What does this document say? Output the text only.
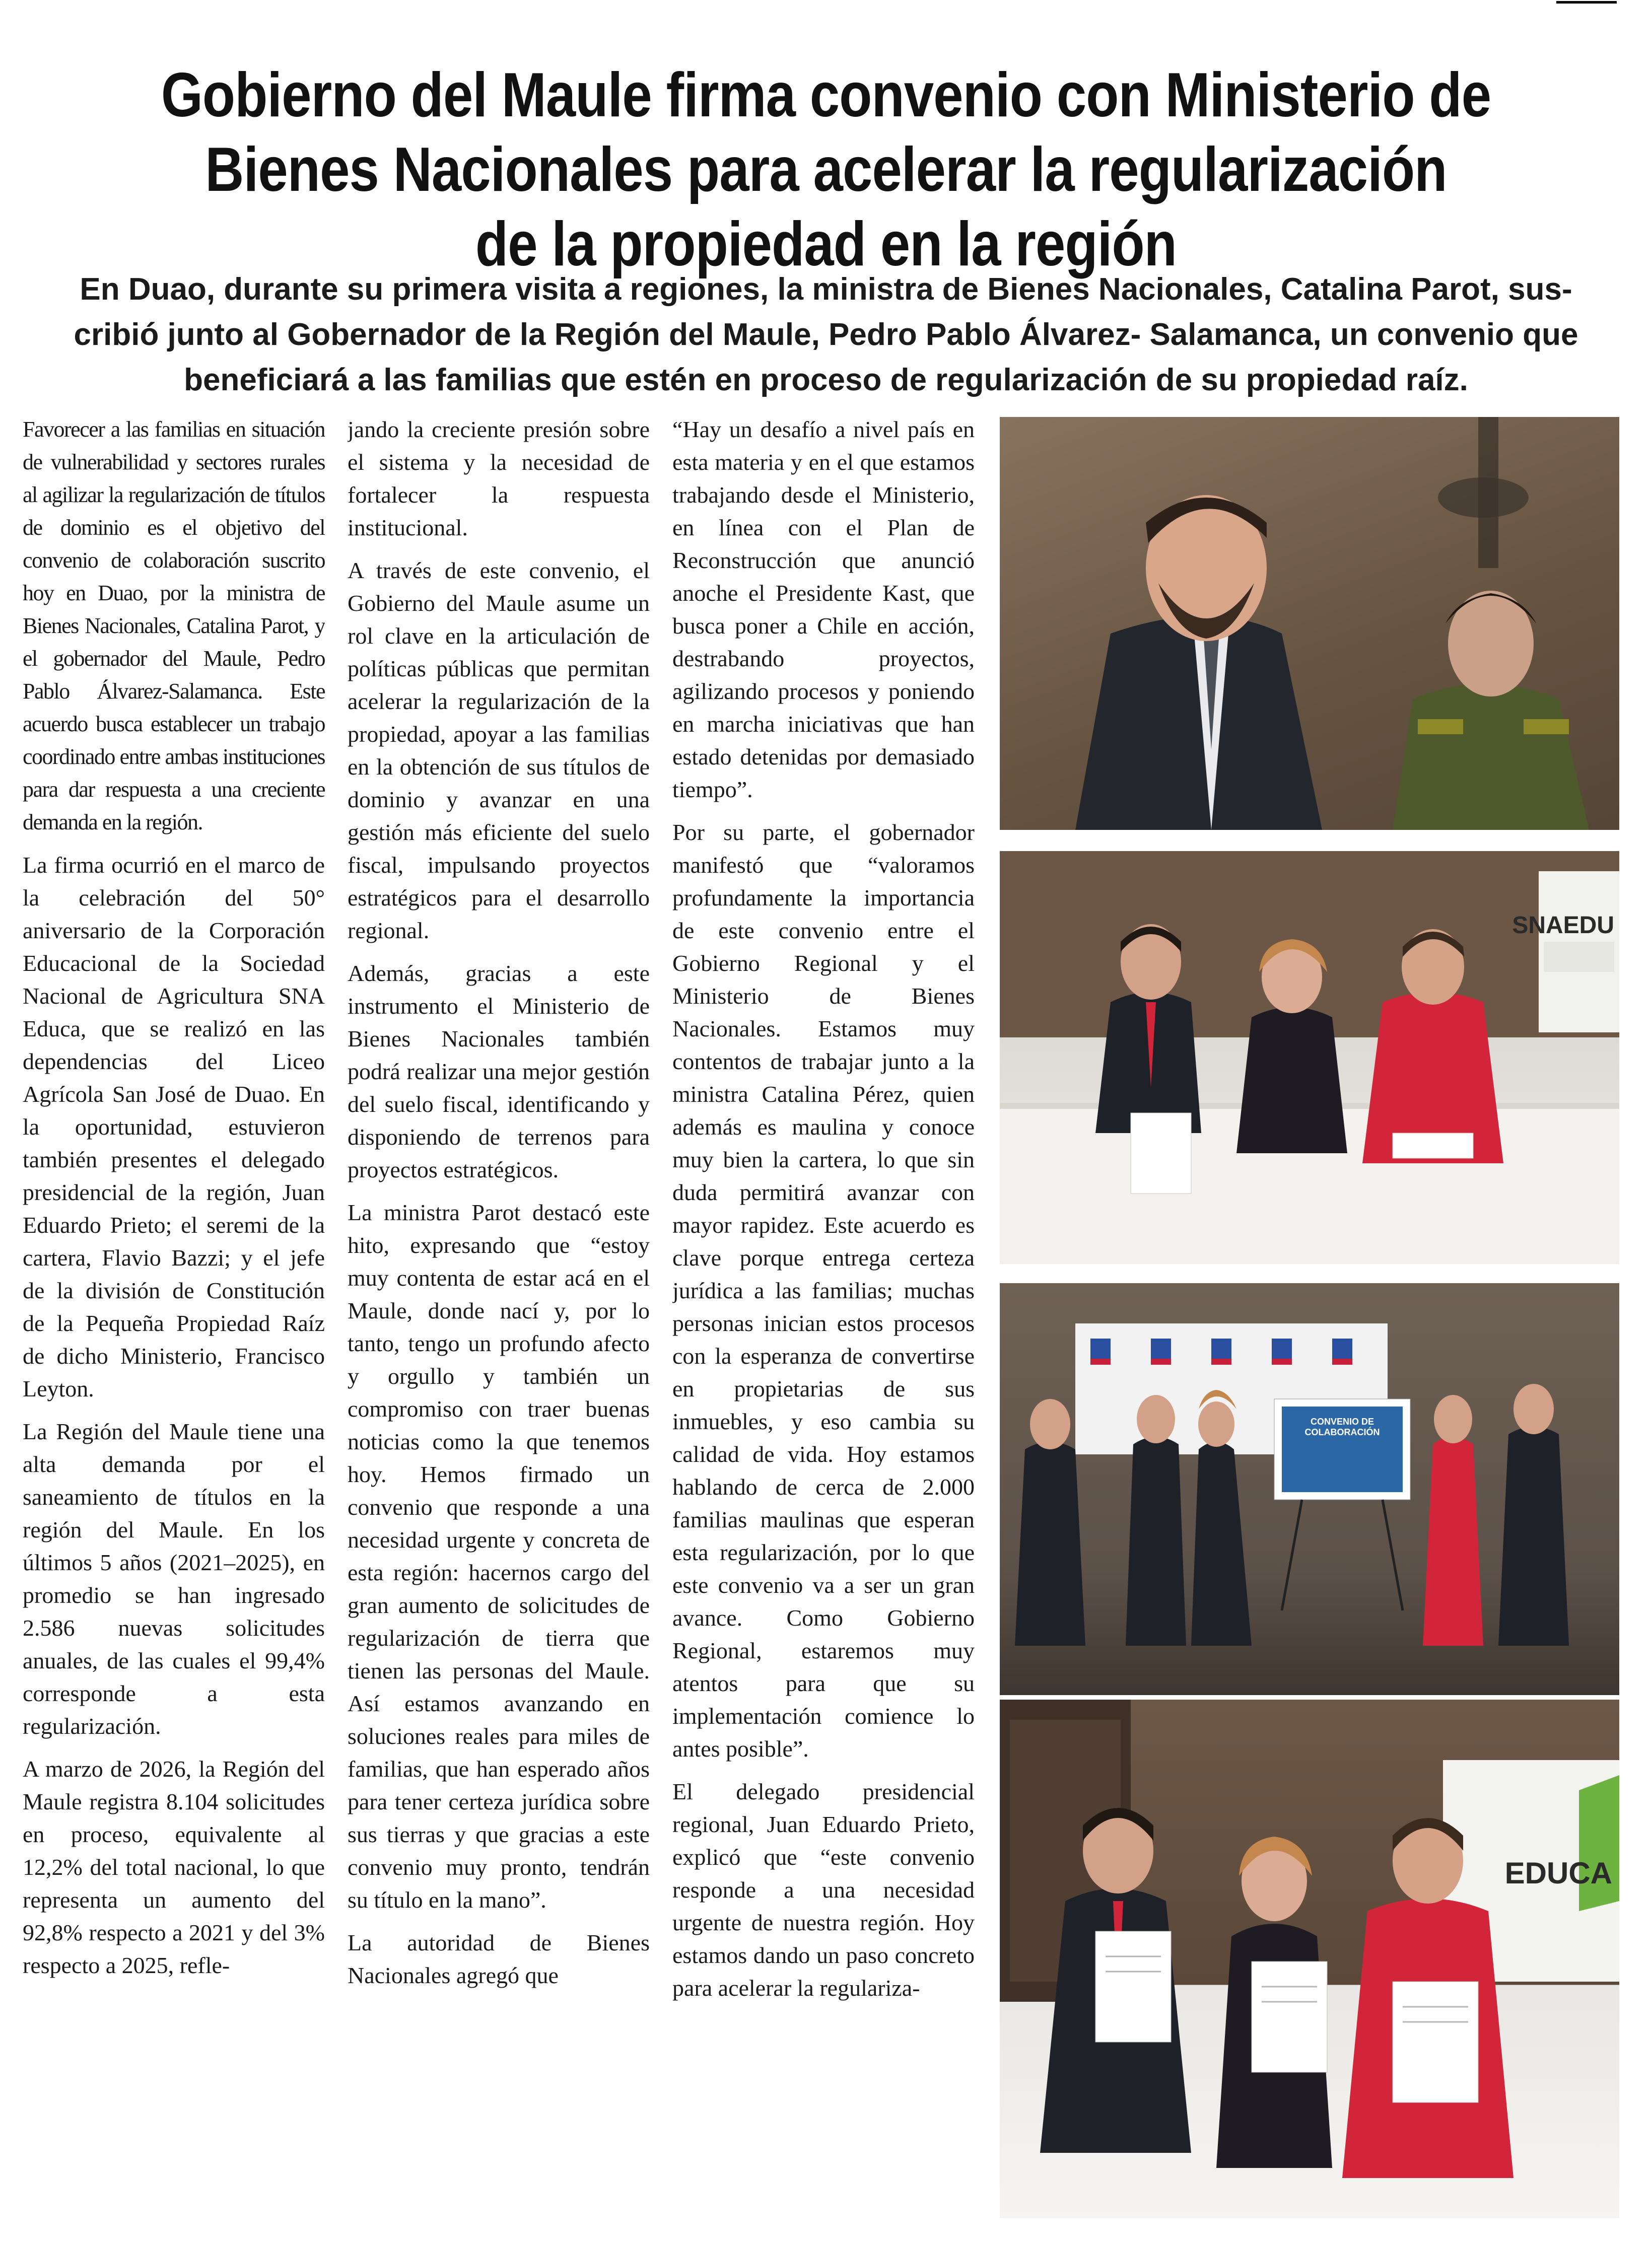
Gobierno del Maule firma convenio con Ministerio de
Bienes Nacionales para acelerar la regularización
de la propiedad en la región
En Duao, durante su primera visita a regiones, la ministra de Bienes Nacionales, Catalina Parot, sus-
cribió junto al Gobernador de la Región del Maule, Pedro Pablo Álvarez- Salamanca, un convenio que
beneficiará a las familias que estén en proceso de regularización de su propiedad raíz.

Favorecer a las familias en situación de vulnerabilidad y sectores rurales al agilizar la regularización de títulos de dominio es el objetivo del convenio de colaboración suscrito hoy en Duao, por la ministra de Bienes Nacionales, Catalina Parot, y el gobernador del Maule, Pedro Pablo Álvarez-Salamanca. Este acuerdo busca establecer un trabajo coordinado entre ambas instituciones para dar respuesta a una creciente demanda en la región.

La firma ocurrió en el marco de la celebración del 50° aniversario de la Corporación Educacional de la Sociedad Nacional de Agricultura SNA Educa, que se realizó en las dependencias del Liceo Agrícola San José de Duao. En la oportunidad, estuvieron también presentes el delegado presidencial de la región, Juan Eduardo Prieto; el seremi de la cartera, Flavio Bazzi; y el jefe de la división de Constitución de la Pequeña Propiedad Raíz de dicho Ministerio, Francisco Leyton.

La Región del Maule tiene una alta demanda por el saneamiento de títulos en la región del Maule. En los últimos 5 años (2021–2025), en promedio se han ingresado 2.586 nuevas solicitudes anuales, de las cuales el 99,4% corresponde a esta regularización.

A marzo de 2026, la Región del Maule registra 8.104 solicitudes en proceso, equivalente al 12,2% del total nacional, lo que representa un aumento del 92,8% respecto a 2021 y del 3% respecto a 2025, refle-

jando la creciente presión sobre el sistema y la necesidad de fortalecer la respuesta institucional.

A través de este convenio, el Gobierno del Maule asume un rol clave en la articulación de políticas públicas que permitan acelerar la regularización de la propiedad, apoyar a las familias en la obtención de sus títulos de dominio y avanzar en una gestión más eficiente del suelo fiscal, impulsando proyectos estratégicos para el desarrollo regional.

Además, gracias a este instrumento el Ministerio de Bienes Nacionales también podrá realizar una mejor gestión del suelo fiscal, identificando y disponiendo de terrenos para proyectos estratégicos.

La ministra Parot destacó este hito, expresando que “estoy muy contenta de estar acá en el Maule, donde nací y, por lo tanto, tengo un profundo afecto y orgullo y también un compromiso con traer buenas noticias como la que tenemos hoy. Hemos firmado un convenio que responde a una necesidad urgente y concreta de esta región: hacernos cargo del gran aumento de solicitudes de regularización de tierra que tienen las personas del Maule. Así estamos avanzando en soluciones reales para miles de familias, que han esperado años para tener certeza jurídica sobre sus tierras y que gracias a este convenio muy pronto, tendrán su título en la mano”.

La autoridad de Bienes Nacionales agregó que

“Hay un desafío a nivel país en esta materia y en el que estamos trabajando desde el Ministerio, en línea con el Plan de Reconstrucción que anunció anoche el Presidente Kast, que busca poner a Chile en acción, destrabando proyectos, agilizando procesos y poniendo en marcha iniciativas que han estado detenidas por demasiado tiempo”.

Por su parte, el gobernador manifestó que “valoramos profundamente la importancia de este convenio entre el Gobierno Regional y el Ministerio de Bienes Nacionales. Estamos muy contentos de trabajar junto a la ministra Catalina Pérez, quien además es maulina y conoce muy bien la cartera, lo que sin duda permitirá avanzar con mayor rapidez. Este acuerdo es clave porque entrega certeza jurídica a las familias; muchas personas inician estos procesos con la esperanza de convertirse en propietarias de sus inmuebles, y eso cambia su calidad de vida. Hoy estamos hablando de cerca de 2.000 familias maulinas que esperan esta regularización, por lo que este convenio va a ser un gran avance. Como Gobierno Regional, estaremos muy atentos para que su implementación comience lo antes posible”.

El delegado presidencial regional, Juan Eduardo Prieto, explicó que “este convenio responde a una necesidad urgente de nuestra región. Hoy estamos dando un paso concreto para acelerar la regulariza-

SNAEDU
CONVENIO DE COLABORACIÓN
EDUCA
